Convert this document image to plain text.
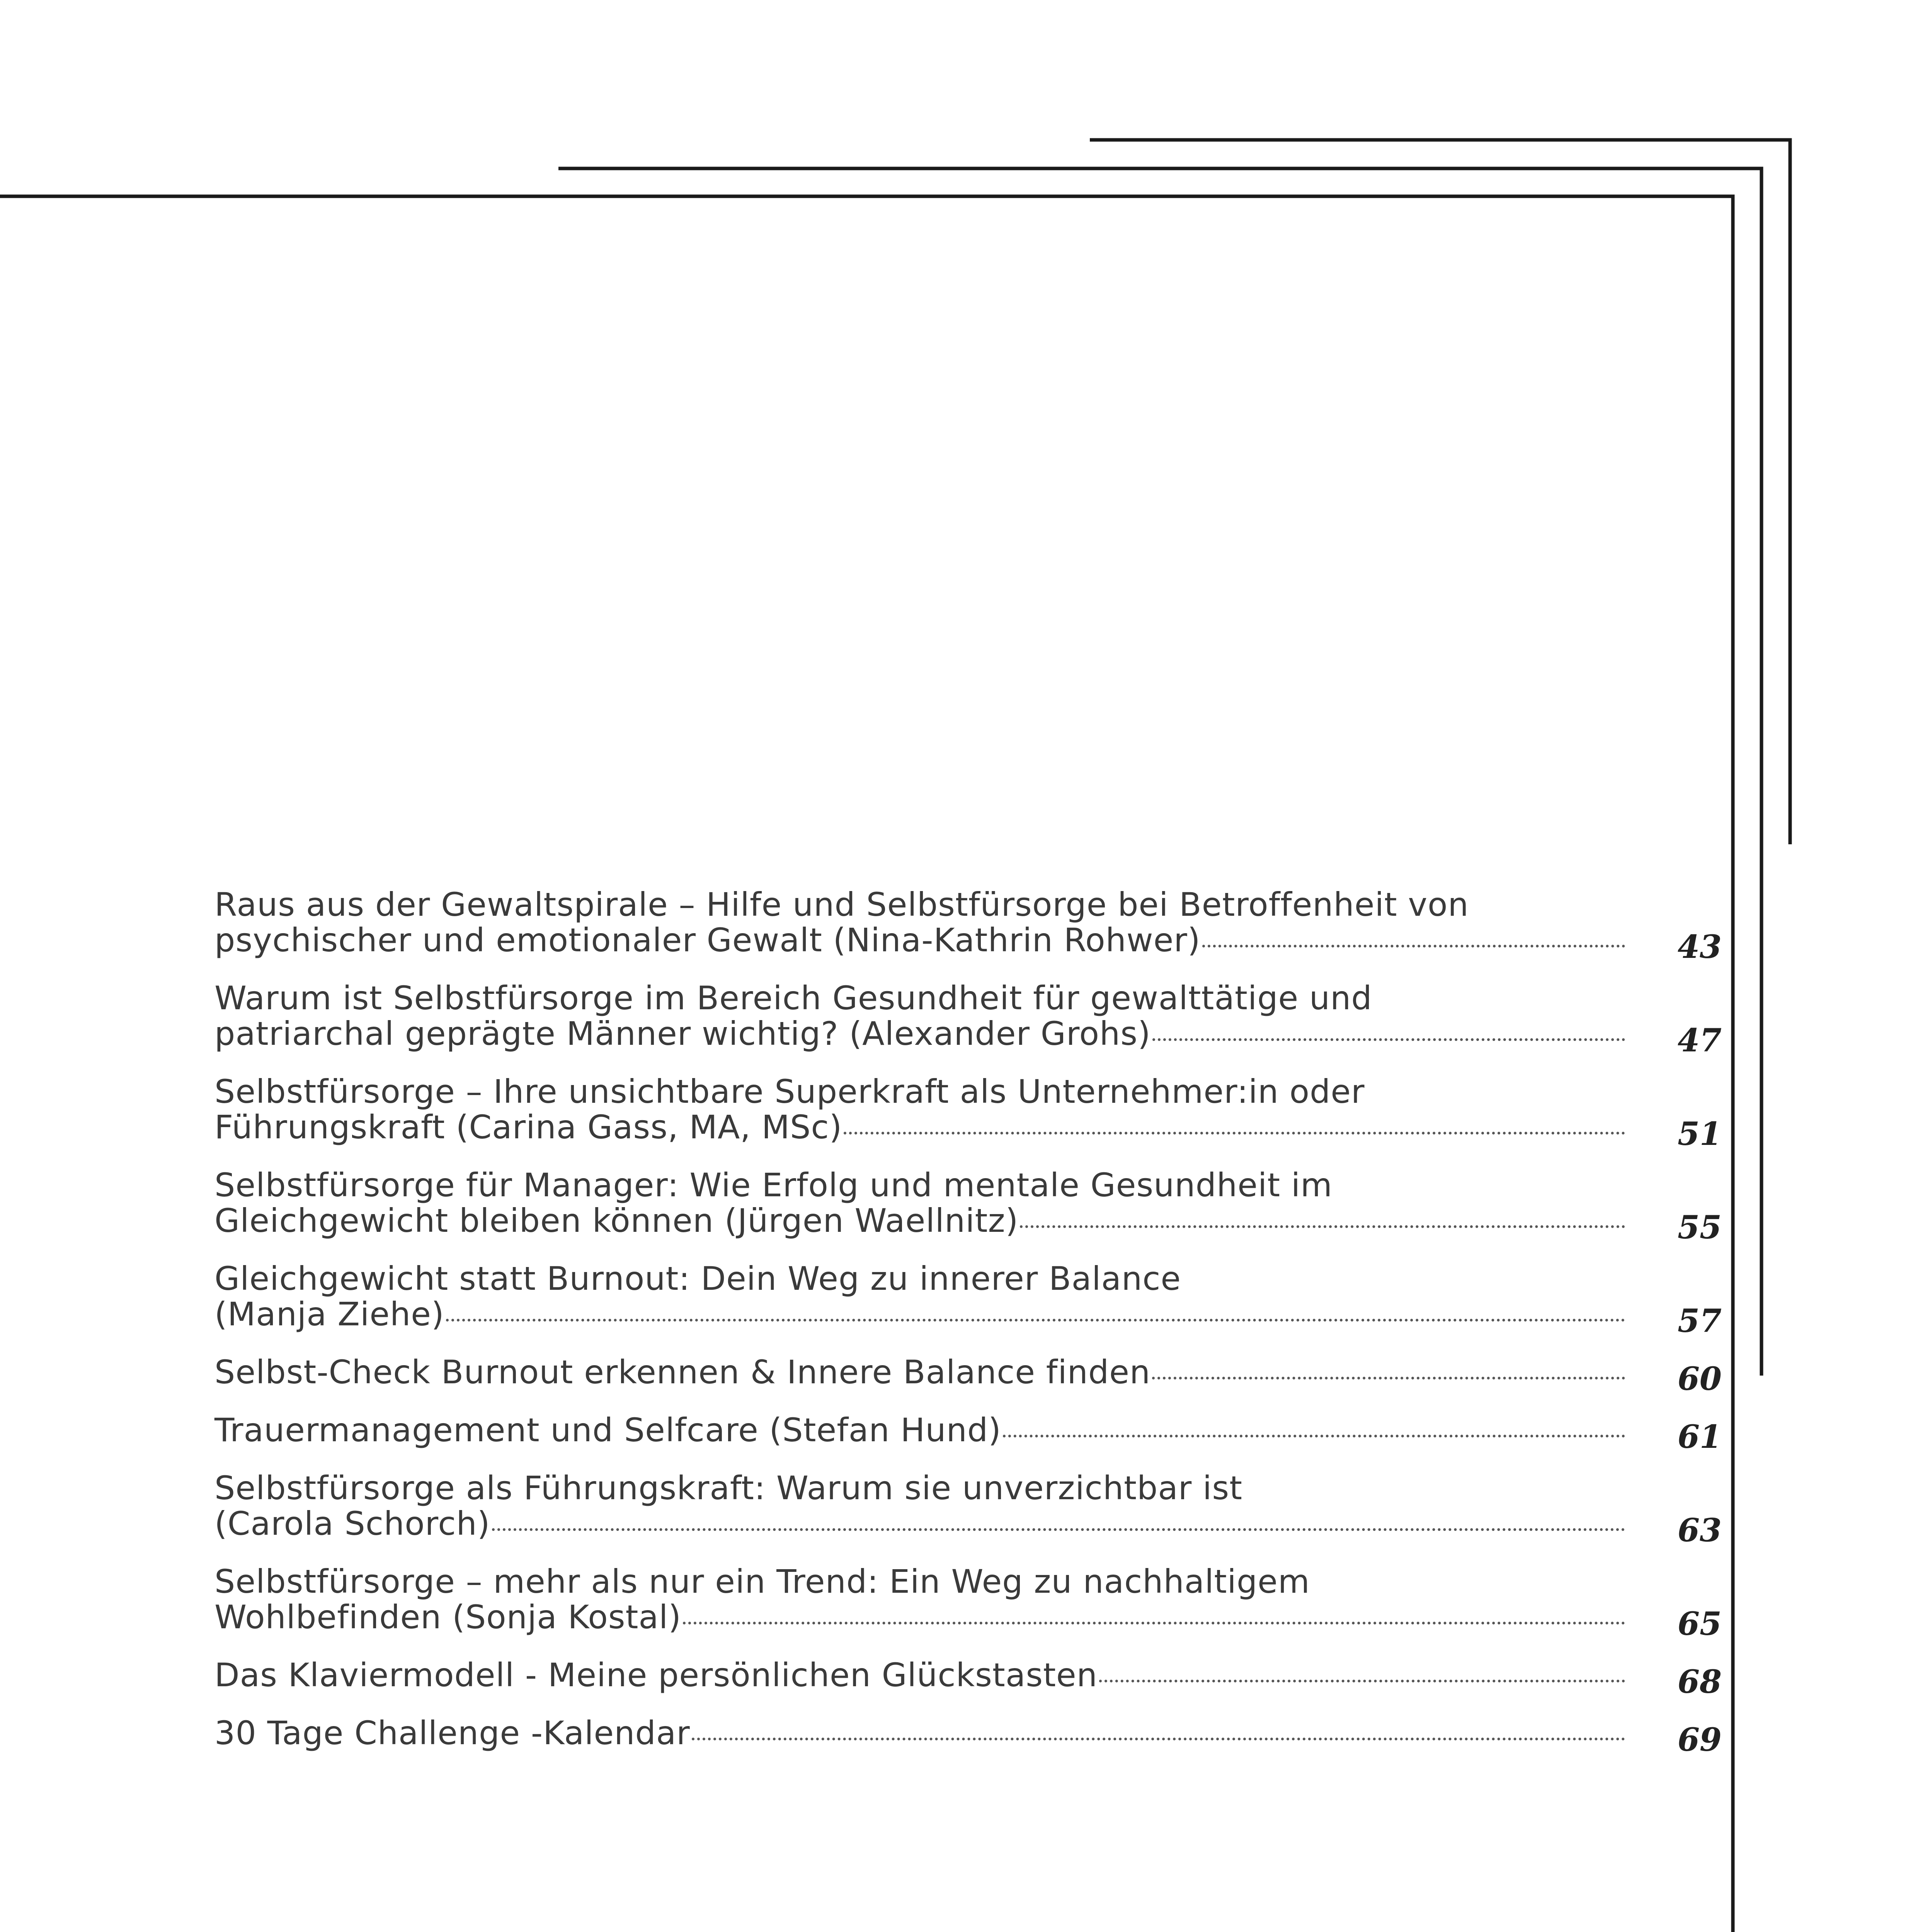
Raus aus der Gewaltspirale – Hilfe und Selbstfürsorge bei Betroffenheit von
psychischer und emotionaler Gewalt (Nina-Kathrin Rohwer)	43
Warum ist Selbstfürsorge im Bereich Gesundheit für gewalttätige und
patriarchal geprägte Männer wichtig? (Alexander Grohs)	47
Selbstfürsorge – Ihre unsichtbare Superkraft als Unternehmer:in oder
Führungskraft (Carina Gass, MA, MSc)	51
Selbstfürsorge für Manager: Wie Erfolg und mentale Gesundheit im
Gleichgewicht bleiben können (Jürgen Waellnitz)	55
Gleichgewicht statt Burnout: Dein Weg zu innerer Balance
(Manja Ziehe)	57
Selbst-Check Burnout erkennen & Innere Balance finden	60
Trauermanagement und Selfcare (Stefan Hund)	61
Selbstfürsorge als Führungskraft: Warum sie unverzichtbar ist
(Carola Schorch)	63
Selbstfürsorge – mehr als nur ein Trend: Ein Weg zu nachhaltigem
Wohlbefinden (Sonja Kostal)	65
Das Klaviermodell - Meine persönlichen Glückstasten	68
30 Tage Challenge -Kalendar	69
